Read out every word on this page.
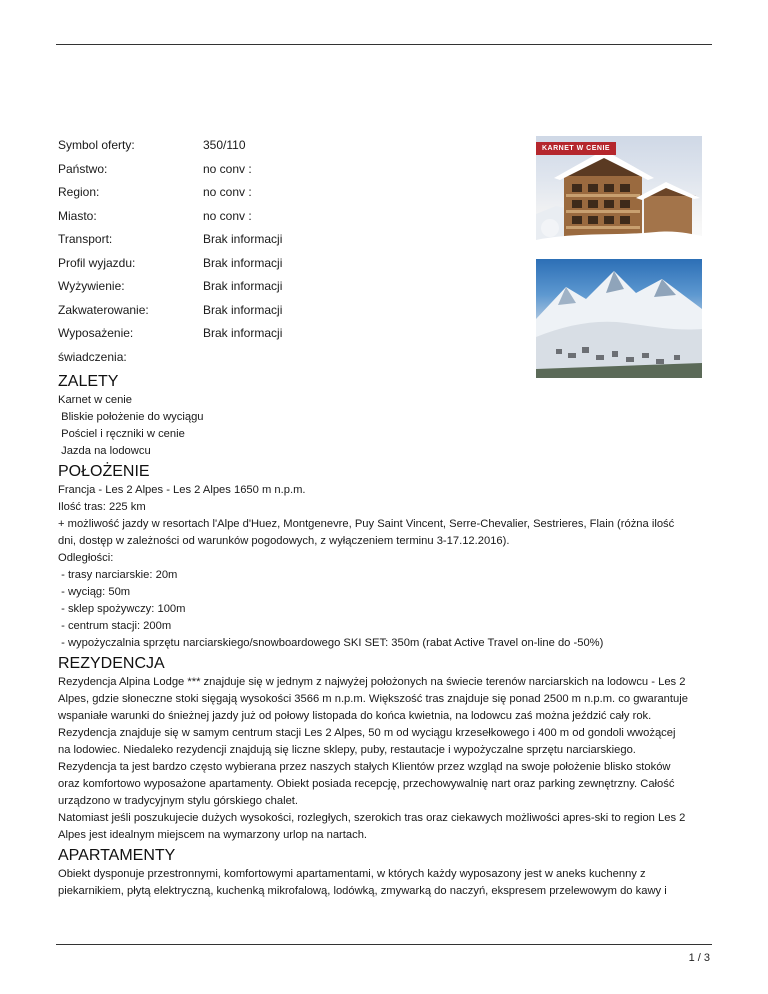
Symbol oferty:	350/110
Państwo:	no conv :
Region:	no conv :
Miasto:	no conv :
Transport:	Brak informacji
Profil wyjazdu:	Brak informacji
Wyżywienie:	Brak informacji
Zakwaterowanie:	Brak informacji
Wyposażenie:	Brak informacji
świadczenia:
KARNET W CENIE
ZALETY
Karnet w cenie
Bliskie położenie do wyciągu
Pościel i ręczniki w cenie
Jazda na lodowcu
POŁOŻENIE
Francja - Les 2 Alpes - Les 2 Alpes 1650 m n.p.m.
Ilość tras: 225 km
+ możliwość jazdy w resortach l'Alpe d'Huez, Montgenevre, Puy Saint Vincent, Serre-Chevalier, Sestrieres, Flain (różna ilość
dni, dostęp w zależności od warunków pogodowych, z wyłączeniem terminu 3-17.12.2016).
Odległości:
- trasy narciarskie: 20m
- wyciąg: 50m
- sklep spożywczy: 100m
- centrum stacji: 200m
- wypożyczalnia sprzętu narciarskiego/snowboardowego SKI SET: 350m (rabat Active Travel on-line do -50%)
REZYDENCJA
Rezydencja Alpina Lodge *** znajduje się w jednym z najwyżej położonych na świecie terenów narciarskich na lodowcu - Les 2
Alpes, gdzie słoneczne stoki sięgają wysokości 3566 m n.p.m. Większość tras znajduje się ponad 2500 m n.p.m. co gwarantuje
wspaniałe warunki do śnieżnej jazdy już od połowy listopada do końca kwietnia, na lodowcu zaś można jeździć cały rok.
Rezydencja znajduje się w samym centrum stacji Les 2 Alpes, 50 m od wyciągu krzesełkowego i 400 m od gondoli wwożącej
na lodowiec. Niedaleko rezydencji znajdują się liczne sklepy, puby, restautacje i wypożyczalne sprzętu narciarskiego.
Rezydencja ta jest bardzo często wybierana przez naszych stałych Klientów przez wzgląd na swoje położenie blisko stoków
oraz komfortowo wyposażone apartamenty. Obiekt posiada recepcję, przechowywalnię nart oraz parking zewnętrzny. Całość
urządzono w tradycyjnym stylu górskiego chalet.
Natomiast jeśli poszukujecie dużych wysokości, rozległych, szerokich tras oraz ciekawych możliwości apres-ski to region Les 2
Alpes jest idealnym miejscem na wymarzony urlop na nartach.
APARTAMENTY
Obiekt dysponuje przestronnymi, komfortowymi apartamentami, w których każdy wyposazony jest w aneks kuchenny z
piekarnikiem, płytą elektryczną, kuchenką mikrofalową, lodówką, zmywarką do naczyń, ekspresem przelewowym do kawy i
1 / 3
